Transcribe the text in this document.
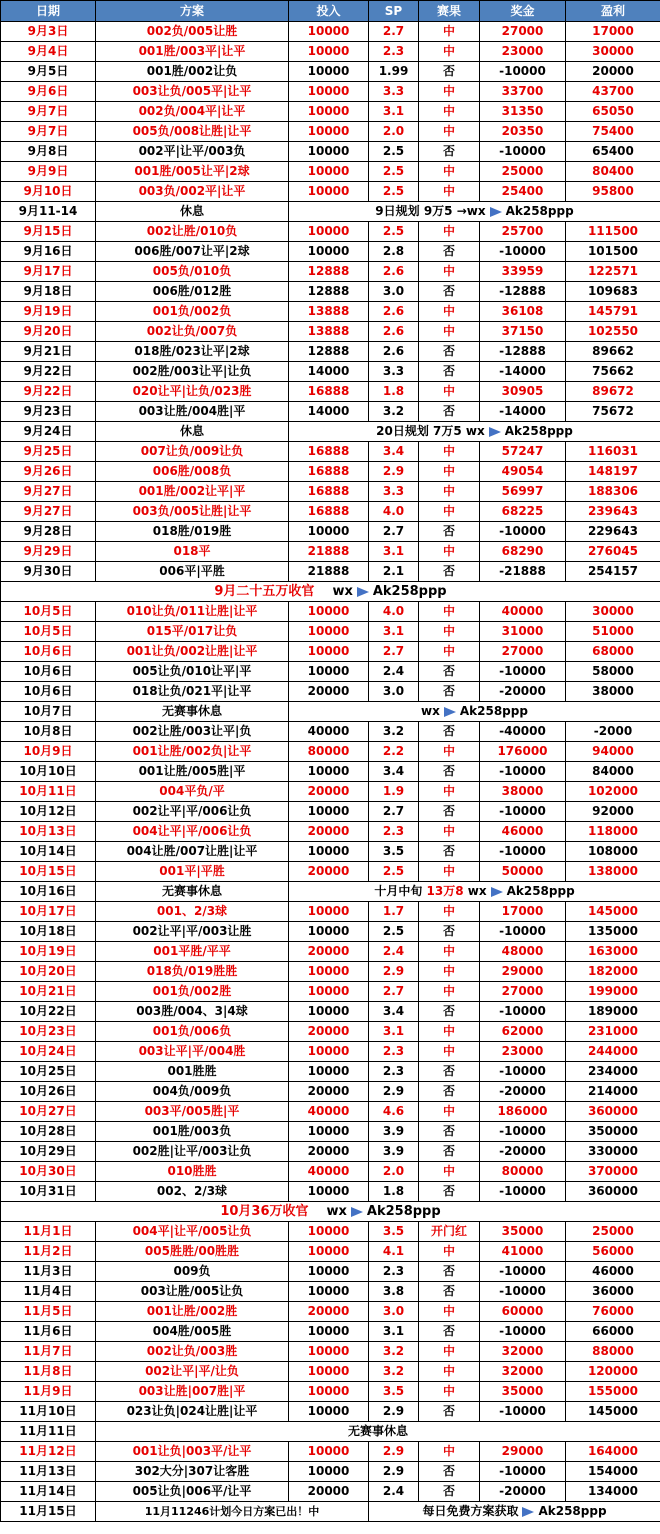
日期	方案	投入	SP	赛果	奖金	盈利
9月3日	002负/005让胜	10000	2.7	中	27000	17000
9月4日	001胜/003平|让平	10000	2.3	中	23000	30000
9月5日	001胜/002让负	10000	1.99	否	-10000	20000
9月6日	003让负/005平|让平	10000	3.3	中	33700	43700
9月7日	002负/004平|让平	10000	3.1	中	31350	65050
9月7日	005负/008让胜|让平	10000	2.0	中	20350	75400
9月8日	002平|让平/003负	10000	2.5	否	-10000	65400
9月9日	001胜/005让平|2球	10000	2.5	中	25000	80400
9月10日	003负/002平|让平	10000	2.5	中	25400	95800
9月11-14	休息	9日规划 9万5 →wx Ak258ppp				
9月15日	002让胜/010负	10000	2.5	中	25700	111500
9月16日	006胜/007让平|2球	10000	2.8	否	-10000	101500
9月17日	005负/010负	12888	2.6	中	33959	122571
9月18日	006胜/012胜	12888	3.0	否	-12888	109683
9月19日	001负/002负	13888	2.6	中	36108	145791
9月20日	002让负/007负	13888	2.6	中	37150	102550
9月21日	018胜/023让平|2球	12888	2.6	否	-12888	89662
9月22日	002胜/003让平|让负	14000	3.3	否	-14000	75662
9月22日	020让平|让负/023胜	16888	1.8	中	30905	89672
9月23日	003让胜/004胜|平	14000	3.2	否	-14000	75672
9月24日	休息	20日规划 7万5 wx Ak258ppp				
9月25日	007让负/009让负	16888	3.4	中	57247	116031
9月26日	006胜/008负	16888	2.9	中	49054	148197
9月27日	001胜/002让平|平	16888	3.3	中	56997	188306
9月27日	003负/005让胜|让平	16888	4.0	中	68225	239643
9月28日	018胜/019胜	10000	2.7	否	-10000	229643
9月29日	018平	21888	3.1	中	68290	276045
9月30日	006平|平胜	21888	2.1	否	-21888	254157
9月二十五万收官 wx Ak258ppp						
10月5日	010让负/011让胜|让平	10000	4.0	中	40000	30000
10月5日	015平/017让负	10000	3.1	中	31000	51000
10月6日	001让负/002让胜|让平	10000	2.7	中	27000	68000
10月6日	005让负/010让平|平	10000	2.4	否	-10000	58000
10月6日	018让负/021平|让平	20000	3.0	否	-20000	38000
10月7日	无赛事休息	wx Ak258ppp				
10月8日	002让胜/003让平|负	40000	3.2	否	-40000	-2000
10月9日	001让胜/002负|让平	80000	2.2	中	176000	94000
10月10日	001让胜/005胜|平	10000	3.4	否	-10000	84000
10月11日	004平负/平	20000	1.9	中	38000	102000
10月12日	002让平|平/006让负	10000	2.7	否	-10000	92000
10月13日	004让平|平/006让负	20000	2.3	中	46000	118000
10月14日	004让胜/007让胜|让平	10000	3.5	否	-10000	108000
10月15日	001平|平胜	20000	2.5	中	50000	138000
10月16日	无赛事休息	十月中旬 13万8 wx Ak258ppp				
10月17日	001、2/3球	10000	1.7	中	17000	145000
10月18日	002让平|平/003让胜	10000	2.5	否	-10000	135000
10月19日	001平胜/平平	20000	2.4	中	48000	163000
10月20日	018负/019胜胜	10000	2.9	中	29000	182000
10月21日	001负/002胜	10000	2.7	中	27000	199000
10月22日	003胜/004、3|4球	10000	3.4	否	-10000	189000
10月23日	001负/006负	20000	3.1	中	62000	231000
10月24日	003让平|平/004胜	10000	2.3	中	23000	244000
10月25日	001胜胜	10000	2.3	否	-10000	234000
10月26日	004负/009负	20000	2.9	否	-20000	214000
10月27日	003平/005胜|平	40000	4.6	中	186000	360000
10月28日	001胜/003负	10000	3.9	否	-10000	350000
10月29日	002胜|让平/003让负	20000	3.9	否	-20000	330000
10月30日	010胜胜	40000	2.0	中	80000	370000
10月31日	002、2/3球	10000	1.8	否	-10000	360000
10月36万收官 wx Ak258ppp						
11月1日	004平|让平/005让负	10000	3.5	开门红	35000	25000
11月2日	005胜胜/00胜胜	10000	4.1	中	41000	56000
11月3日	009负	10000	2.3	否	-10000	46000
11月4日	003让胜/005让负	10000	3.8	否	-10000	36000
11月5日	001让胜/002胜	20000	3.0	中	60000	76000
11月6日	004胜/005胜	10000	3.1	否	-10000	66000
11月7日	002让负/003胜	10000	3.2	中	32000	88000
11月8日	002让平|平/让负	10000	3.2	中	32000	120000
11月9日	003让胜|007胜|平	10000	3.5	中	35000	155000
11月10日	023让负|024让胜|让平	10000	2.9	否	-10000	145000
11月11日	无赛事休息					
11月12日	001让负|003平/让平	10000	2.9	中	29000	164000
11月13日	302大分|307让客胜	10000	2.9	否	-10000	154000
11月14日	005让负|006平/让平	20000	2.4	否	-20000	134000
11月15日	11月11246计划今日方案已出！中		每日免费方案获取 Ak258ppp			
